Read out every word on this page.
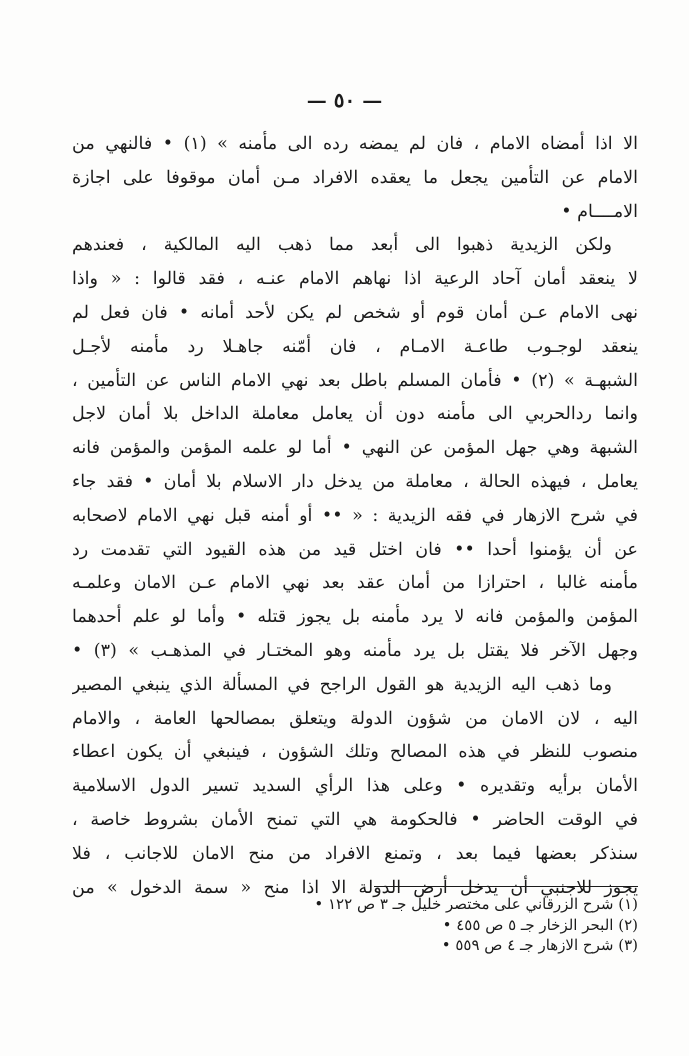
— ٥٠ —
الا اذا أمضاه الامام ، فان لم يمضه رده الى مأمنه » (١) • فالنهي من
الامام عن التأمين يجعل ما يعقده الافراد مـن أمان موقوفا على اجازة
الامــــام •
ولكن الزيدية ذهبوا الى أبعد مما ذهب اليه المالكية ، فعندهم
لا ينعقد أمان آحاد الرعية اذا نهاهم الامام عنـه ، فقد قالوا : « واذا
نهى الامام عـن أمان قوم أو شخص لم يكن لأحد أمانه • فان فعل لم
ينعقد لوجـوب طاعـة الامـام ، فان أمّنه جاهـلا رد مأمنه لأجـل
الشبهـة » (٢) • فأمان المسلم باطل بعد نهي الامام الناس عن التأمين ،
وانما ردالحربي الى مأمنه دون أن يعامل معاملة الداخل بلا أمان لاجل
الشبهة وهي جهل المؤمن عن النهي • أما لو علمه المؤمن والمؤمن فانه
يعامل ، فيهذه الحالة ، معاملة من يدخل دار الاسلام بلا أمان • فقد جاء
في شرح الازهار في فقه الزيدية : « •• أو أمنه قبل نهي الامام لاصحابه
عن أن يؤمنوا أحدا •• فان اختل قيد من هذه القيود التي تقدمت رد
مأمنه غالبا ، احترازا من أمان عقد بعد نهي الامام عـن الامان وعلمـه
المؤمن والمؤمن فانه لا يرد مأمنه بل يجوز قتله • وأما لو علم أحدهما
وجهل الآخر فلا يقتل بل يرد مأمنه وهو المختـار في المذهـب » (٣) •
وما ذهب اليه الزيدية هو القول الراجح في المسألة الذي ينبغي المصير
اليه ، لان الامان من شؤون الدولة ويتعلق بمصالحها العامة ، والامام
منصوب للنظر في هذه المصالح وتلك الشؤون ، فينبغي أن يكون اعطاء
الأمان برأيه وتقديره • وعلى هذا الرأي السديد تسير الدول الاسلامية
في الوقت الحاضر • فالحكومة هي التي تمنح الأمان بشروط خاصة ،
سنذكر بعضها فيما بعد ، وتمنع الافراد من منح الامان للاجانب ، فلا
يجوز للاجنبي أن يدخل أرض الدولة الا اذا منح « سمة الدخول » من
(١) شرح الزرقاني على مختصر خليل جـ ٣ ص ١٢٢ •
(٢) البحر الزخار جـ ٥ ص ٤٥٥ •
(٣) شرح الازهار جـ ٤ ص ٥٥٩ •
